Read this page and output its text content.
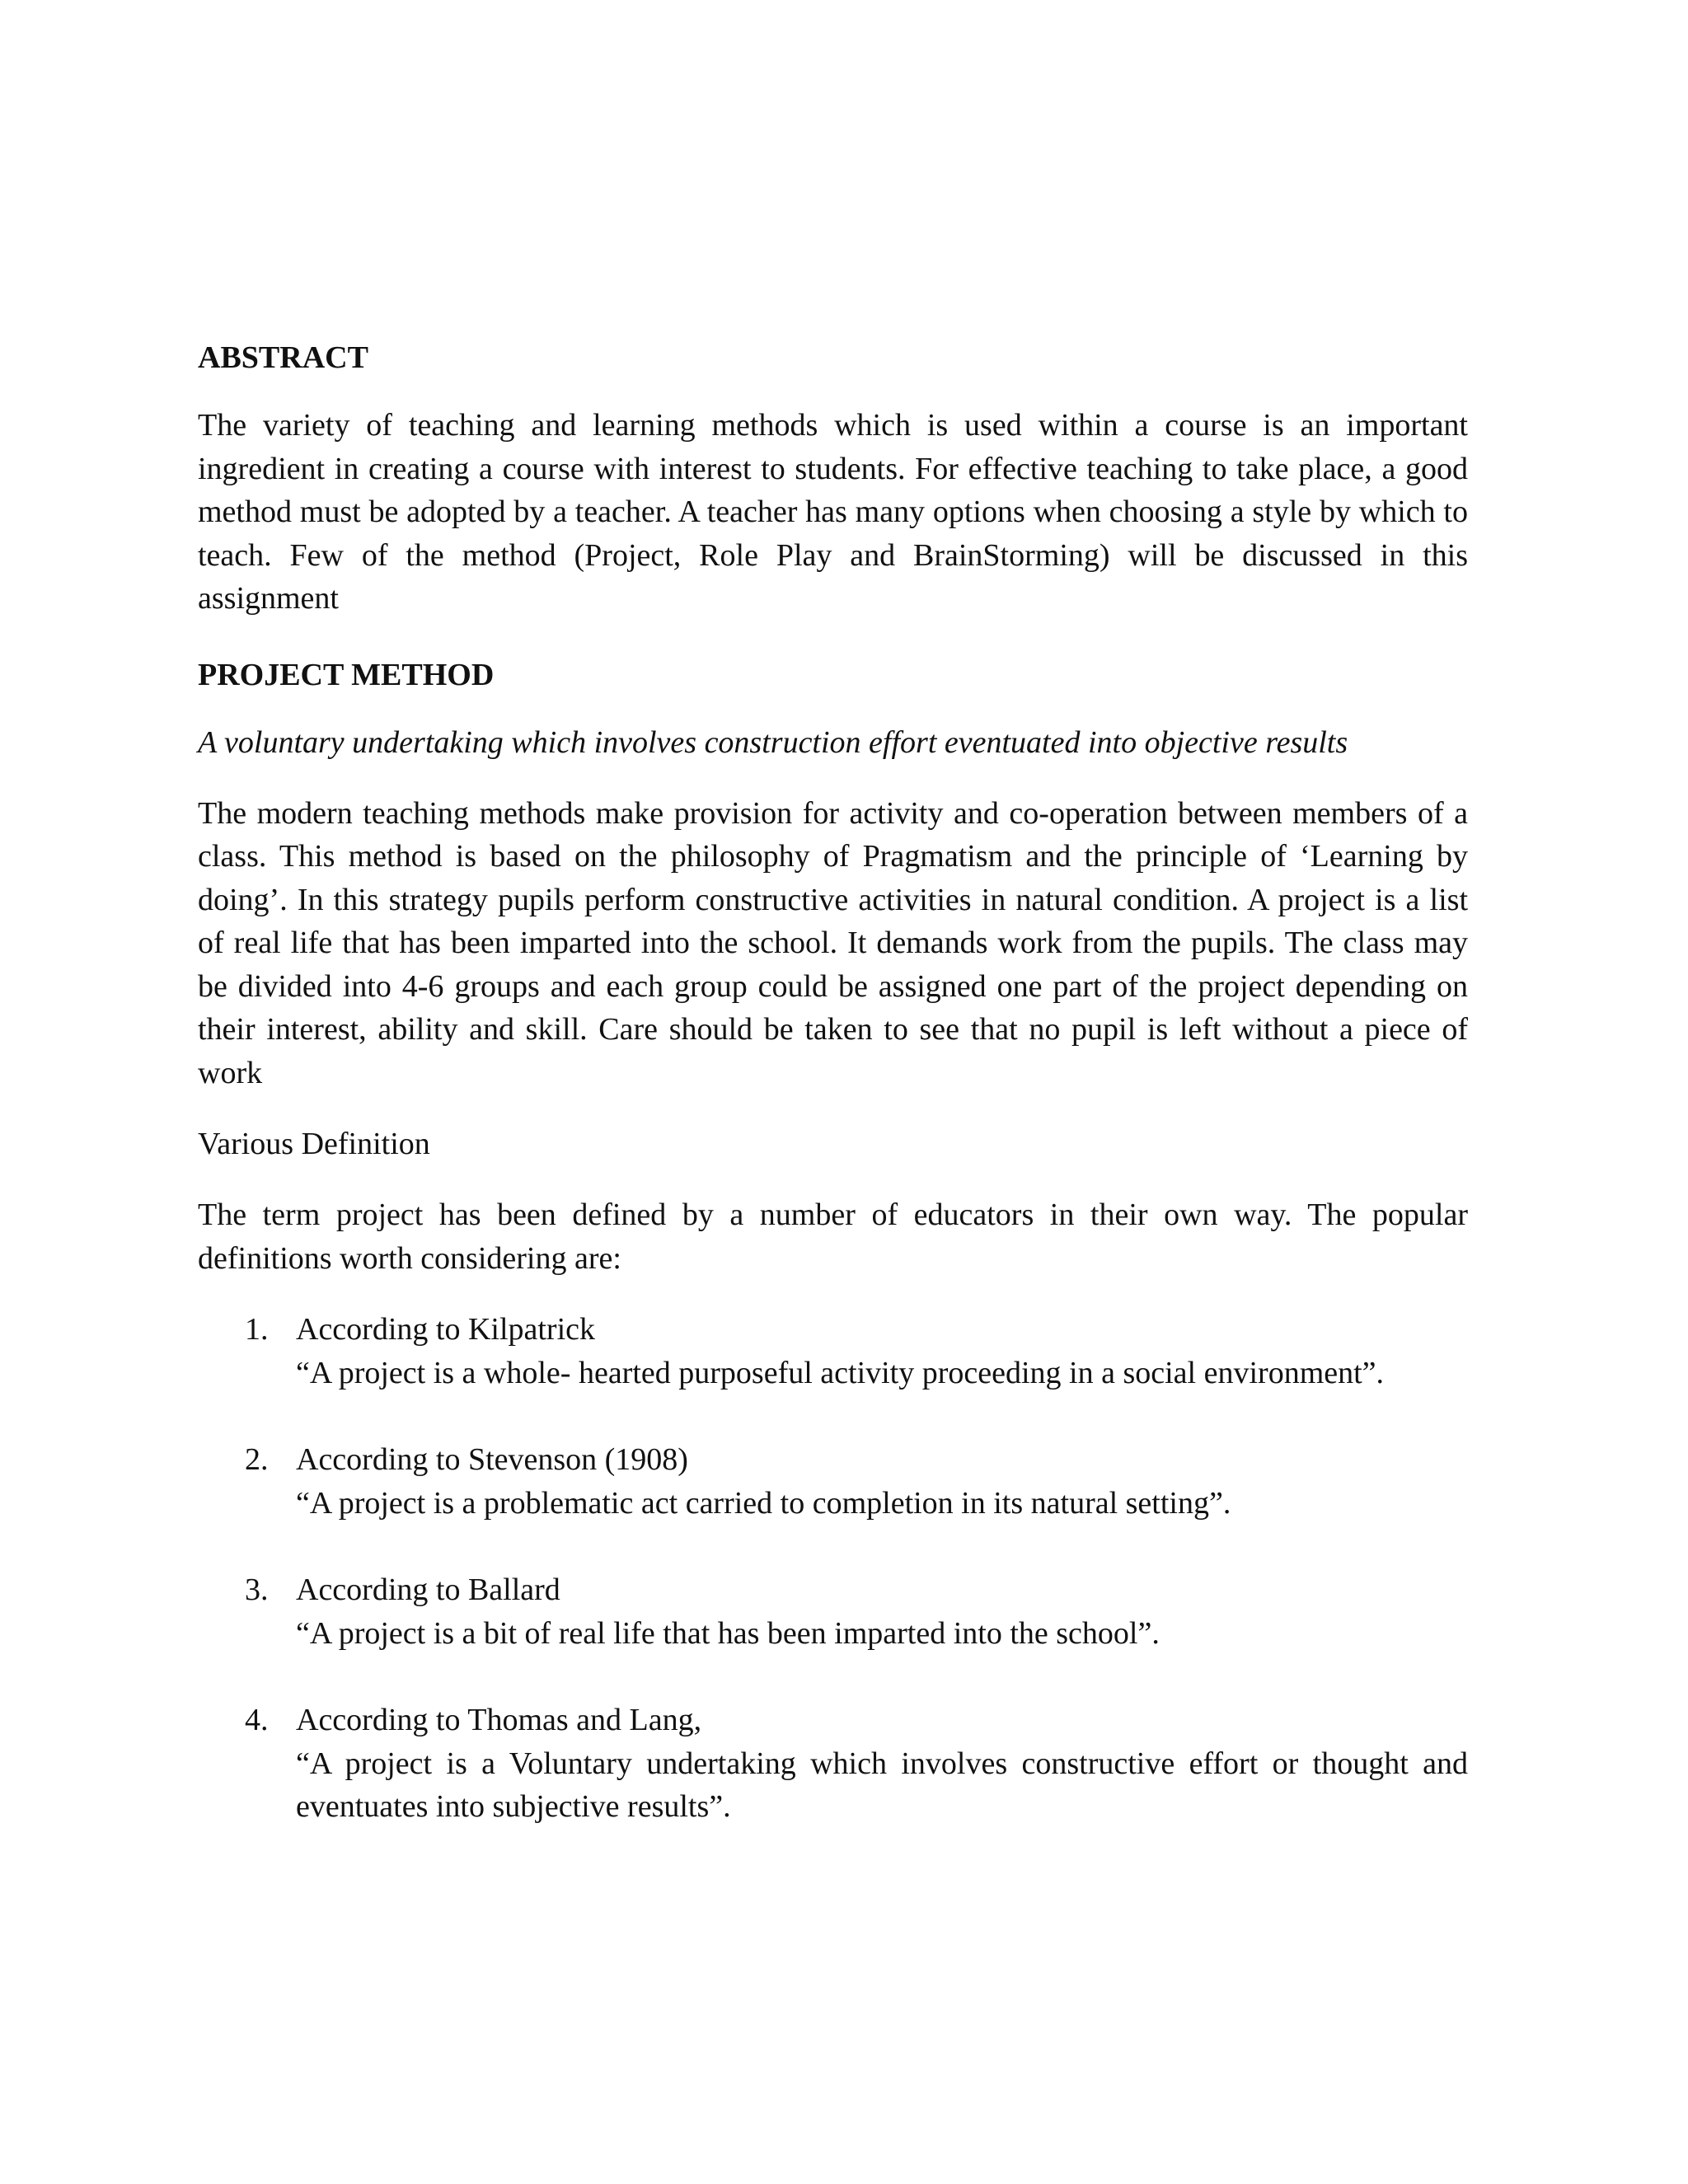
ABSTRACT

The variety of teaching and learning methods which is used within a course is an important ingredient in creating a course with interest to students. For effective teaching to take place, a good method must be adopted by a teacher. A teacher has many options when choosing a style by which to teach. Few of the method (Project, Role Play and BrainStorming) will be discussed in this assignment

PROJECT METHOD

A voluntary undertaking which involves construction effort eventuated into objective results

The modern teaching methods make provision for activity and co-operation between members of a class. This method is based on the philosophy of Pragmatism and the principle of ‘Learning by doing’. In this strategy pupils perform constructive activities in natural condition. A project is a list of real life that has been imparted into the school. It demands work from the pupils. The class may be divided into 4-6 groups and each group could be assigned one part of the project depending on their interest, ability and skill. Care should be taken to see that no pupil is left without a piece of work

Various Definition

The term project has been defined by a number of educators in their own way. The popular definitions worth considering are:

1. According to Kilpatrick
“A project is a whole- hearted purposeful activity proceeding in a social environment”.
2. According to Stevenson (1908)
“A project is a problematic act carried to completion in its natural setting”.
3. According to Ballard
“A project is a bit of real life that has been imparted into the school”.
4. According to Thomas and Lang,
“A project is a Voluntary undertaking which involves constructive effort or thought and eventuates into subjective results”.
